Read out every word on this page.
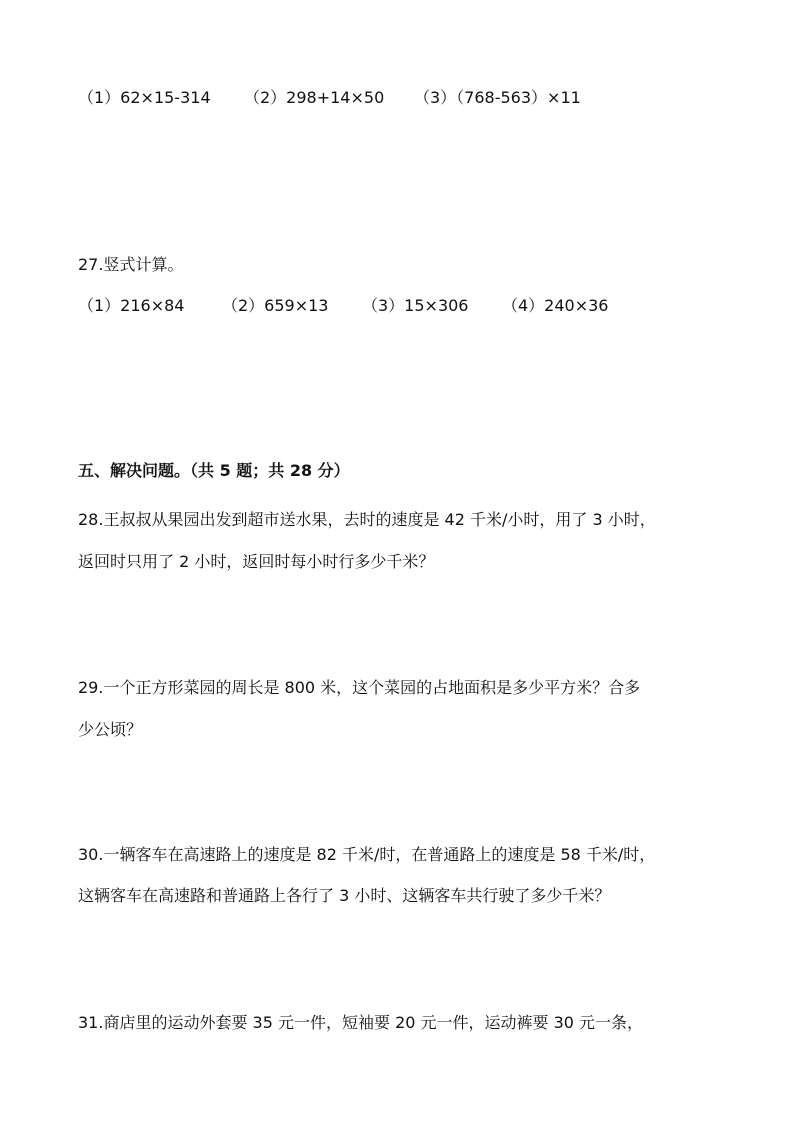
（1）62×15-314 （2）298+14×50 （3）（768-563）×11
27.竖式计算。
（1）216×84 （2）659×13 （3）15×306 （4）240×36
五、解决问题。（共 5 题；共 28 分）
28.王叔叔从果园出发到超市送水果，去时的速度是 42 千米/小时，用了 3 小时，
返回时只用了 2 小时，返回时每小时行多少千米？
29.一个正方形菜园的周长是 800 米，这个菜园的占地面积是多少平方米？合多
少公顷？
30.一辆客车在高速路上的速度是 82 千米/时，在普通路上的速度是 58 千米/时，
这辆客车在高速路和普通路上各行了 3 小时、这辆客车共行驶了多少千米？
31.商店里的运动外套要 35 元一件，短袖要 20 元一件，运动裤要 30 元一条，
